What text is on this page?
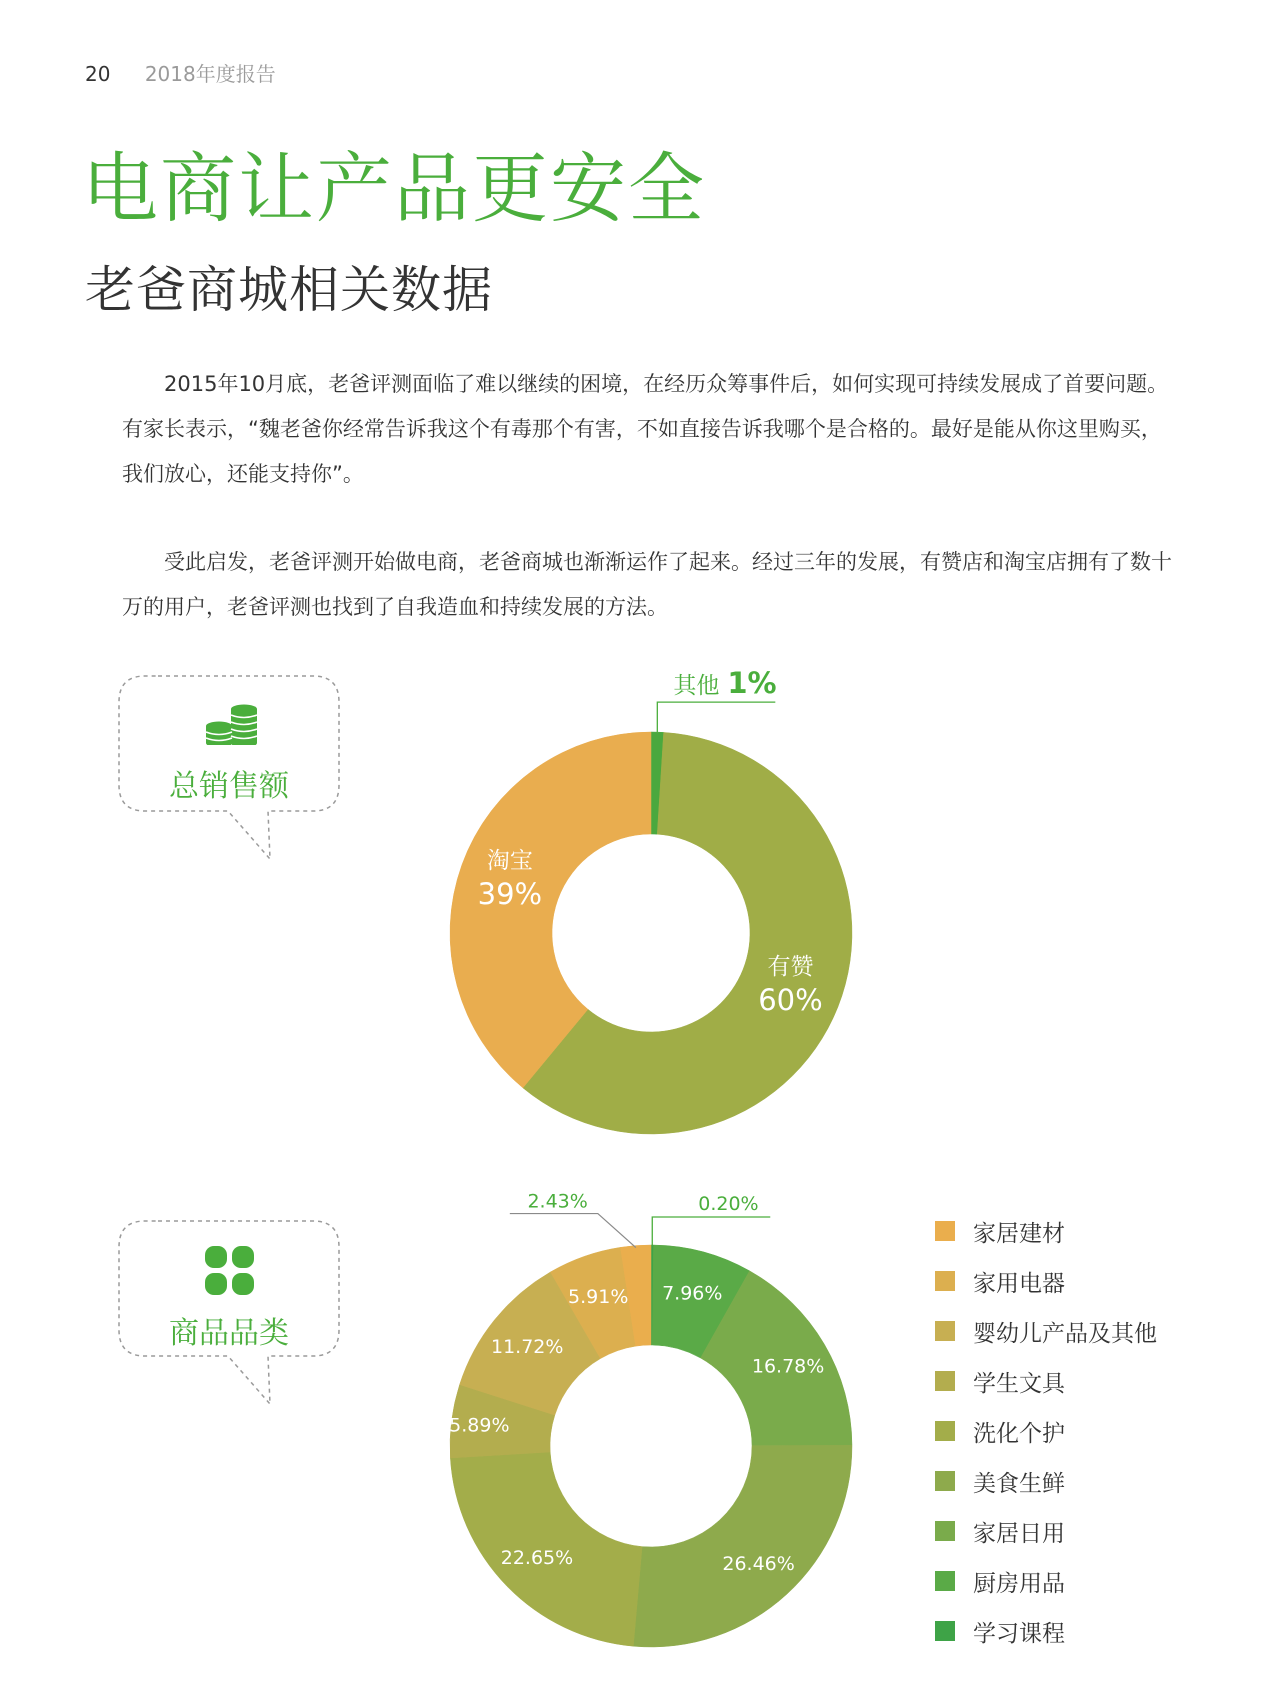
20 2018年度报告
电商让产品更安全
老爸商城相关数据

2015年10月底，老爸评测面临了难以继续的困境，在经历众筹事件后，如何实现可持续发展成了首要问题。有家长表示，“魏老爸你经常告诉我这个有毒那个有害，不如直接告诉我哪个是合格的。最好是能从你这里购买，我们放心，还能支持你”。

受此启发，老爸评测开始做电商，老爸商城也渐渐运作了起来。经过三年的发展，有赞店和淘宝店拥有了数十万的用户，老爸评测也找到了自我造血和持续发展的方法。

总销售额
商品品类
有赞
60%
淘宝
39%
其他 1%
7.96%
16.78%
26.46%
22.65%
5.89%
11.72%
5.91%
0.20%
2.43%
家居建材
家用电器
婴幼儿产品及其他
学生文具
洗化个护
美食生鲜
家居日用
厨房用品
学习课程
